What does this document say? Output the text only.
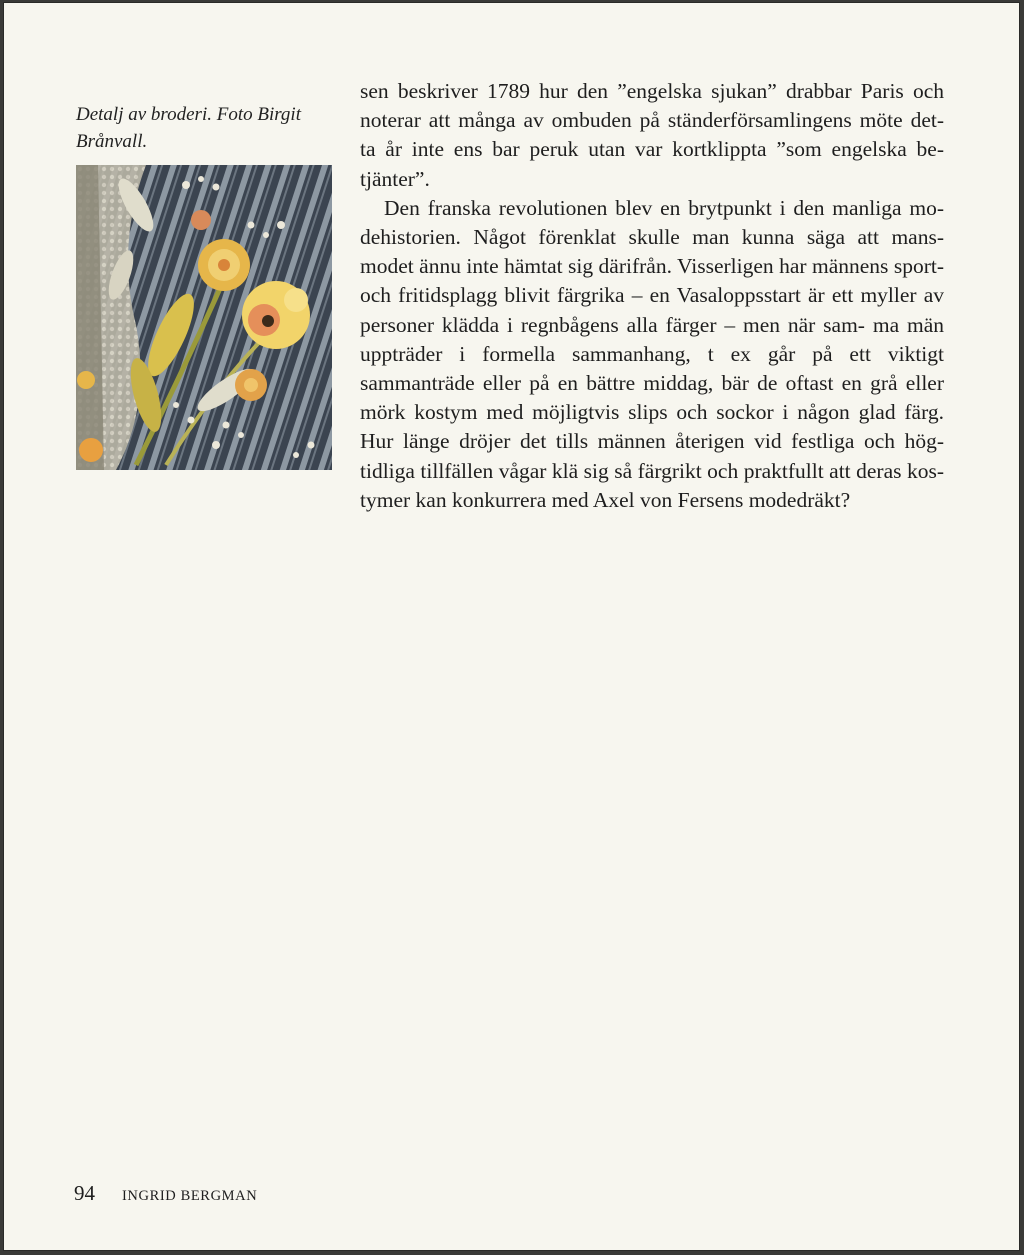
Detalj av broderi. Foto Birgit
Brånvall.

sen beskriver 1789 hur den ”engelska sjukan” drabbar Paris och noterar att många av ombuden på ständerförsamlingens möte det- ta år inte ens bar peruk utan var kortklippta ”som engelska be- tjänter”.

Den franska revolutionen blev en brytpunkt i den manliga mo- dehistorien. Något förenklat skulle man kunna säga att mans- modet ännu inte hämtat sig därifrån. Visserligen har männens sport- och fritidsplagg blivit färgrika – en Vasaloppsstart är ett myller av personer klädda i regnbågens alla färger – men när sam- ma män uppträder i formella sammanhang, t ex går på ett viktigt sammanträde eller på en bättre middag, bär de oftast en grå eller mörk kostym med möjligtvis slips och sockor i någon glad färg. Hur länge dröjer det tills männen återigen vid festliga och hög- tidliga tillfällen vågar klä sig så färgrikt och praktfullt att deras kos- tymer kan konkurrera med Axel von Fersens modedräkt?

94 INGRID BERGMAN
